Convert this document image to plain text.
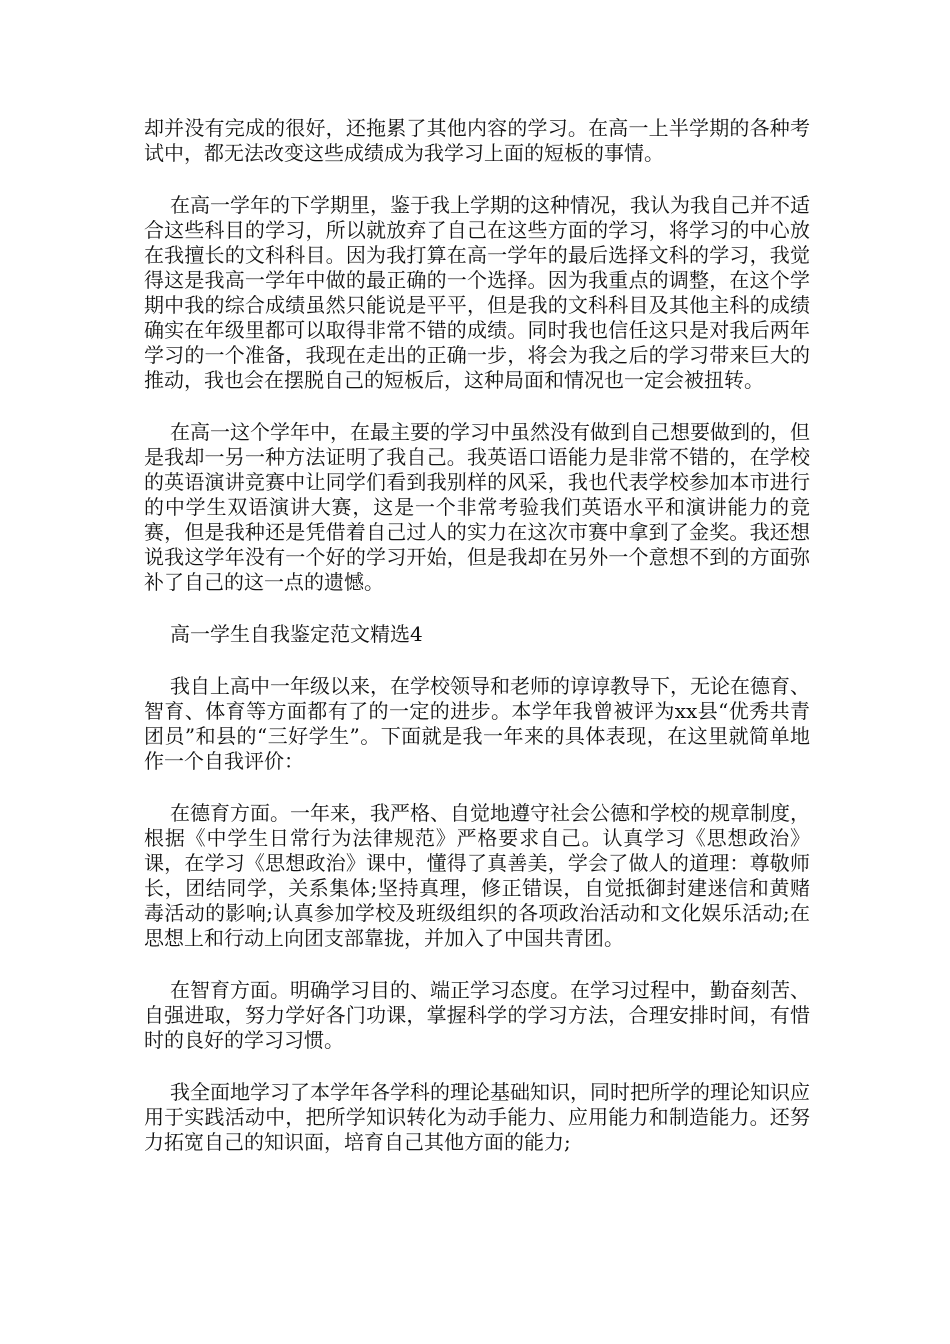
却并没有完成的很好，还拖累了其他内容的学习。在高一上半学期的各种考试中，都无法改变这些成绩成为我学习上面的短板的事情。

在高一学年的下学期里，鉴于我上学期的这种情况，我认为我自己并不适合这些科目的学习，所以就放弃了自己在这些方面的学习，将学习的中心放在我擅长的文科科目。因为我打算在高一学年的最后选择文科的学习，我觉得这是我高一学年中做的最正确的一个选择。因为我重点的调整，在这个学期中我的综合成绩虽然只能说是平平，但是我的文科科目及其他主科的成绩确实在年级里都可以取得非常不错的成绩。同时我也信任这只是对我后两年学习的一个准备，我现在走出的正确一步，将会为我之后的学习带来巨大的推动，我也会在摆脱自己的短板后，这种局面和情况也一定会被扭转。

在高一这个学年中，在最主要的学习中虽然没有做到自己想要做到的，但是我却一另一种方法证明了我自己。我英语口语能力是非常不错的，在学校的英语演讲竞赛中让同学们看到我别样的风采，我也代表学校参加本市进行的中学生双语演讲大赛，这是一个非常考验我们英语水平和演讲能力的竞赛，但是我种还是凭借着自己过人的实力在这次市赛中拿到了金奖。我还想说我这学年没有一个好的学习开始，但是我却在另外一个意想不到的方面弥补了自己的这一点的遗憾。

高一学生自我鉴定范文精选4

我自上高中一年级以来，在学校领导和老师的谆谆教导下，无论在德育、智育、体育等方面都有了的一定的进步。本学年我曾被评为xx县“优秀共青团员”和县的“三好学生”。下面就是我一年来的具体表现，在这里就简单地作一个自我评价：

在德育方面。一年来，我严格、自觉地遵守社会公德和学校的规章制度，根据《中学生日常行为法律规范》严格要求自己。认真学习《思想政治》课，在学习《思想政治》课中，懂得了真善美，学会了做人的道理：尊敬师长，团结同学，关系集体;坚持真理，修正错误，自觉抵御封建迷信和黄赌毒活动的影响;认真参加学校及班级组织的各项政治活动和文化娱乐活动;在思想上和行动上向团支部靠拢，并加入了中国共青团。

在智育方面。明确学习目的、端正学习态度。在学习过程中，勤奋刻苦、自强进取，努力学好各门功课，掌握科学的学习方法，合理安排时间，有惜时的良好的学习习惯。

我全面地学习了本学年各学科的理论基础知识，同时把所学的理论知识应用于实践活动中，把所学知识转化为动手能力、应用能力和制造能力。还努力拓宽自己的知识面，培育自己其他方面的能力;
